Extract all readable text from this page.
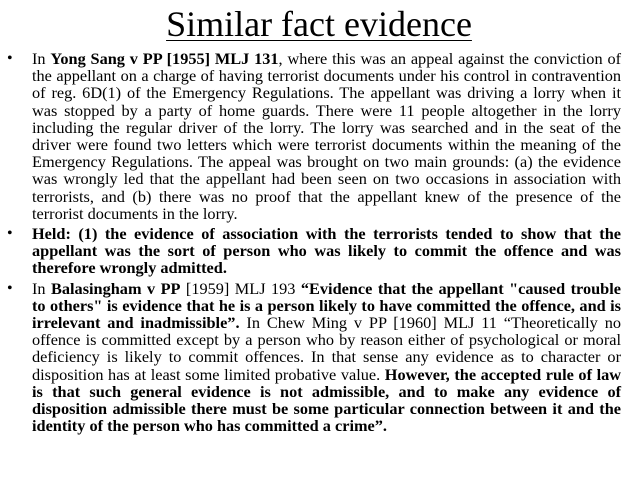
Similar fact evidence
• In Yong Sang v PP [1955] MLJ 131, where this was an appeal against the conviction of the appellant on a charge of having terrorist documents under his control in contravention of reg. 6D(1) of the Emergency Regulations. The appellant was driving a lorry when it was stopped by a party of home guards. There were 11 people altogether in the lorry including the regular driver of the lorry. The lorry was searched and in the seat of the driver were found two letters which were terrorist documents within the meaning of the Emergency Regulations. The appeal was brought on two main grounds: (a) the evidence was wrongly led that the appellant had been seen on two occasions in association with terrorists, and (b) there was no proof that the appellant knew of the presence of the terrorist documents in the lorry.
• Held: (1) the evidence of association with the terrorists tended to show that the appellant was the sort of person who was likely to commit the offence and was therefore wrongly admitted.
• In Balasingham v PP [1959] MLJ 193 “Evidence that the appellant "caused trouble to others" is evidence that he is a person likely to have committed the offence, and is irrelevant and inadmissible”. In Chew Ming v PP [1960] MLJ 11 “Theoretically no offence is committed except by a person who by reason either of psychological or moral deficiency is likely to commit offences. In that sense any evidence as to character or disposition has at least some limited probative value. However, the accepted rule of law is that such general evidence is not admissible, and to make any evidence of disposition admissible there must be some particular connection between it and the identity of the person who has committed a crime”.
